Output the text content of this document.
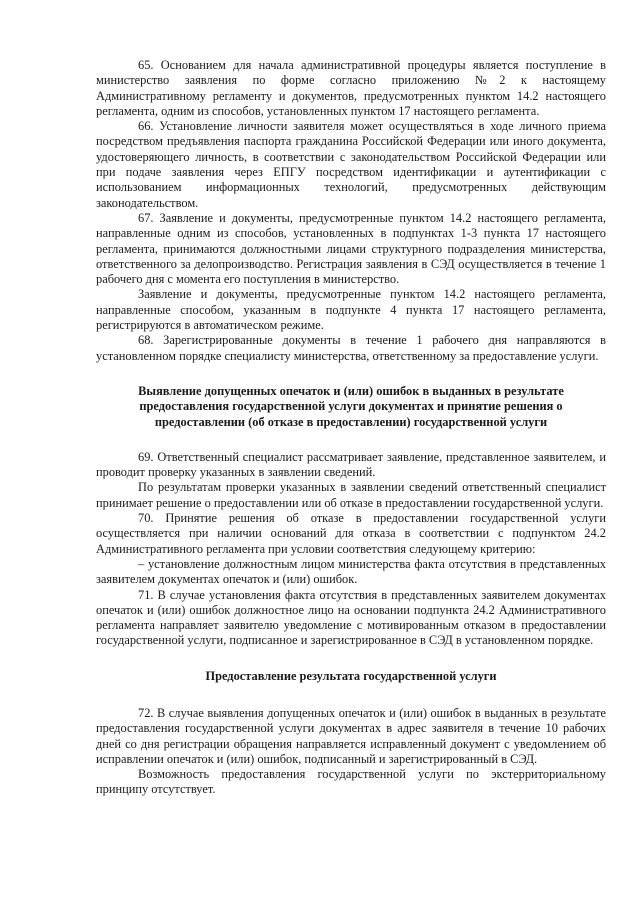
65. Основанием для начала административной процедуры является поступление в министерство заявления по форме согласно приложению №2 к настоящему Административному регламенту и документов, предусмотренных пунктом 14.2 настоящего регламента, одним из способов, установленных пунктом 17 настоящего регламента.

66. Установление личности заявителя может осуществляться в ходе личного приема посредством предъявления паспорта гражданина Российской Федерации или иного документа, удостоверяющего личность, в соответствии с законодательством Российской Федерации или при подаче заявления через ЕПГУ посредством идентификации и аутентификации с использованием информационных технологий, предусмотренных действующим законодательством.

67. Заявление и документы, предусмотренные пунктом 14.2 настоящего регламента, направленные одним из способов, установленных в подпунктах 1-3 пункта 17 настоящего регламента, принимаются должностными лицами структурного подразделения министерства, ответственного за делопроизводство. Регистрация заявления в СЭД осуществляется в течение 1 рабочего дня с момента его поступления в министерство.

Заявление и документы, предусмотренные пунктом 14.2 настоящего регламента, направленные способом, указанным в подпункте 4 пункта 17 настоящего регламента, регистрируются в автоматическом режиме.

68. Зарегистрированные документы в течение 1 рабочего дня направляются в установленном порядке специалисту министерства, ответственному за предоставление услуги.

Выявление допущенных опечаток и (или) ошибок в выданных в результате предоставления государственной услуги документах и принятие решения о предоставлении (об отказе в предоставлении) государственной услуги

69. Ответственный специалист рассматривает заявление, представленное заявителем, и проводит проверку указанных в заявлении сведений.

По результатам проверки указанных в заявлении сведений ответственный специалист принимает решение о предоставлении или об отказе в предоставлении государственной услуги.

70. Принятие решения об отказе в предоставлении государственной услуги осуществляется при наличии оснований для отказа в соответствии с подпунктом 24.2 Административного регламента при условии соответствия следующему критерию:

– установление должностным лицом министерства факта отсутствия в представленных заявителем документах опечаток и (или) ошибок.

71. В случае установления факта отсутствия в представленных заявителем документах опечаток и (или) ошибок должностное лицо на основании подпункта 24.2 Административного регламента направляет заявителю уведомление с мотивированным отказом в предоставлении государственной услуги, подписанное и зарегистрированное в СЭД в установленном порядке.

Предоставление результата государственной услуги

72. В случае выявления допущенных опечаток и (или) ошибок в выданных в результате предоставления государственной услуги документах в адрес заявителя в течение 10 рабочих дней со дня регистрации обращения направляется исправленный документ с уведомлением об исправлении опечаток и (или) ошибок, подписанный и зарегистрированный в СЭД.

Возможность предоставления государственной услуги по экстерриториальному принципу отсутствует.
